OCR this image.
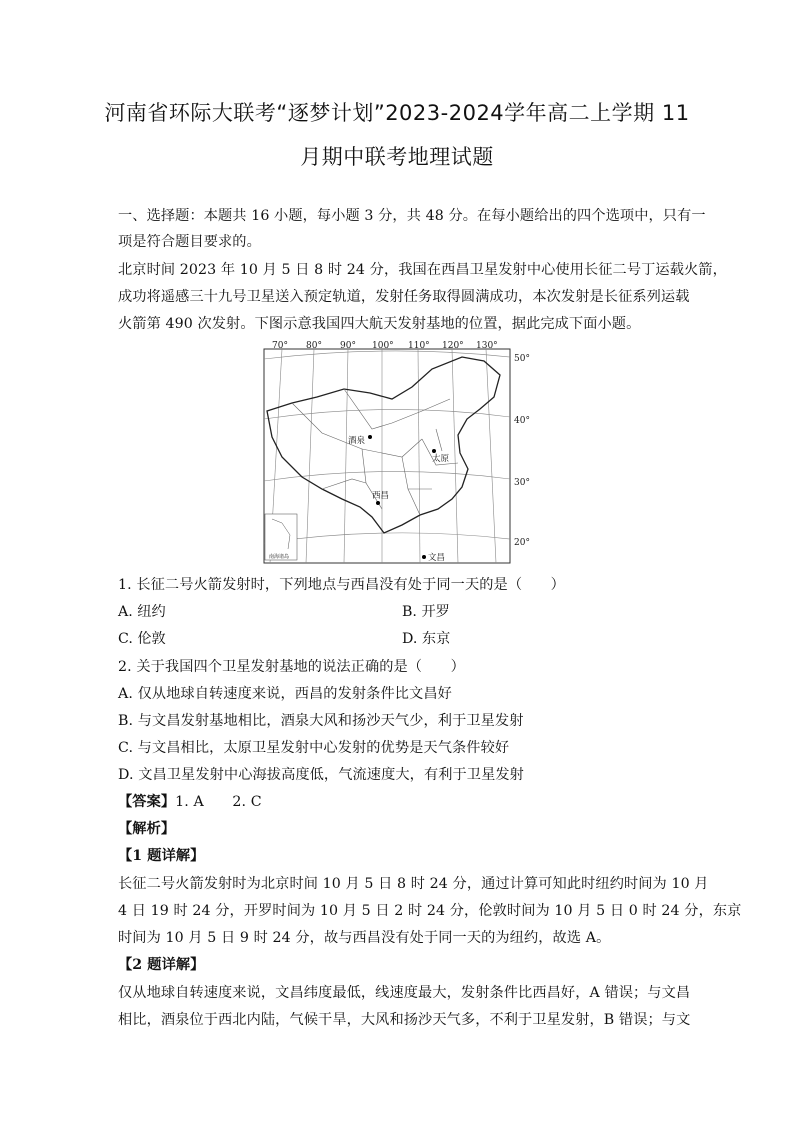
河南省环际大联考“逐梦计划”2023-2024学年高二上学期 11
月期中联考地理试题
一、选择题：本题共 16 小题，每小题 3 分，共 48 分。在每小题给出的四个选项中，只有一
项是符合题目要求的。
北京时间 2023 年 10 月 5 日 8 时 24 分，我国在西昌卫星发射中心使用长征二号丁运载火箭，
成功将遥感三十九号卫星送入预定轨道，发射任务取得圆满成功，本次发射是长征系列运载
火箭第 490 次发射。下图示意我国四大航天发射基地的位置，据此完成下面小题。
南海诸岛
70° 80° 90° 100° 110° 120° 130°
50°
40°
30°
20°
酒泉
太原
西昌
文昌
1. 长征二号火箭发射时，下列地点与西昌没有处于同一天的是（　　）
A. 纽约	B. 开罗
C. 伦敦	D. 东京
2. 关于我国四个卫星发射基地的说法正确的是（　　）
A. 仅从地球自转速度来说，西昌的发射条件比文昌好
B. 与文昌发射基地相比，酒泉大风和扬沙天气少，利于卫星发射
C. 与文昌相比，太原卫星发射中心发射的优势是天气条件较好
D. 文昌卫星发射中心海拔高度低，气流速度大，有利于卫星发射
【答案】1. A　　2. C
【解析】
【1 题详解】
长征二号火箭发射时为北京时间 10 月 5 日 8 时 24 分，通过计算可知此时纽约时间为 10 月
4 日 19 时 24 分，开罗时间为 10 月 5 日 2 时 24 分，伦敦时间为 10 月 5 日 0 时 24 分，东京
时间为 10 月 5 日 9 时 24 分，故与西昌没有处于同一天的为纽约，故选 A。
【2 题详解】
仅从地球自转速度来说，文昌纬度最低，线速度最大，发射条件比西昌好，A 错误；与文昌
相比，酒泉位于西北内陆，气候干旱，大风和扬沙天气多，不利于卫星发射，B 错误；与文
